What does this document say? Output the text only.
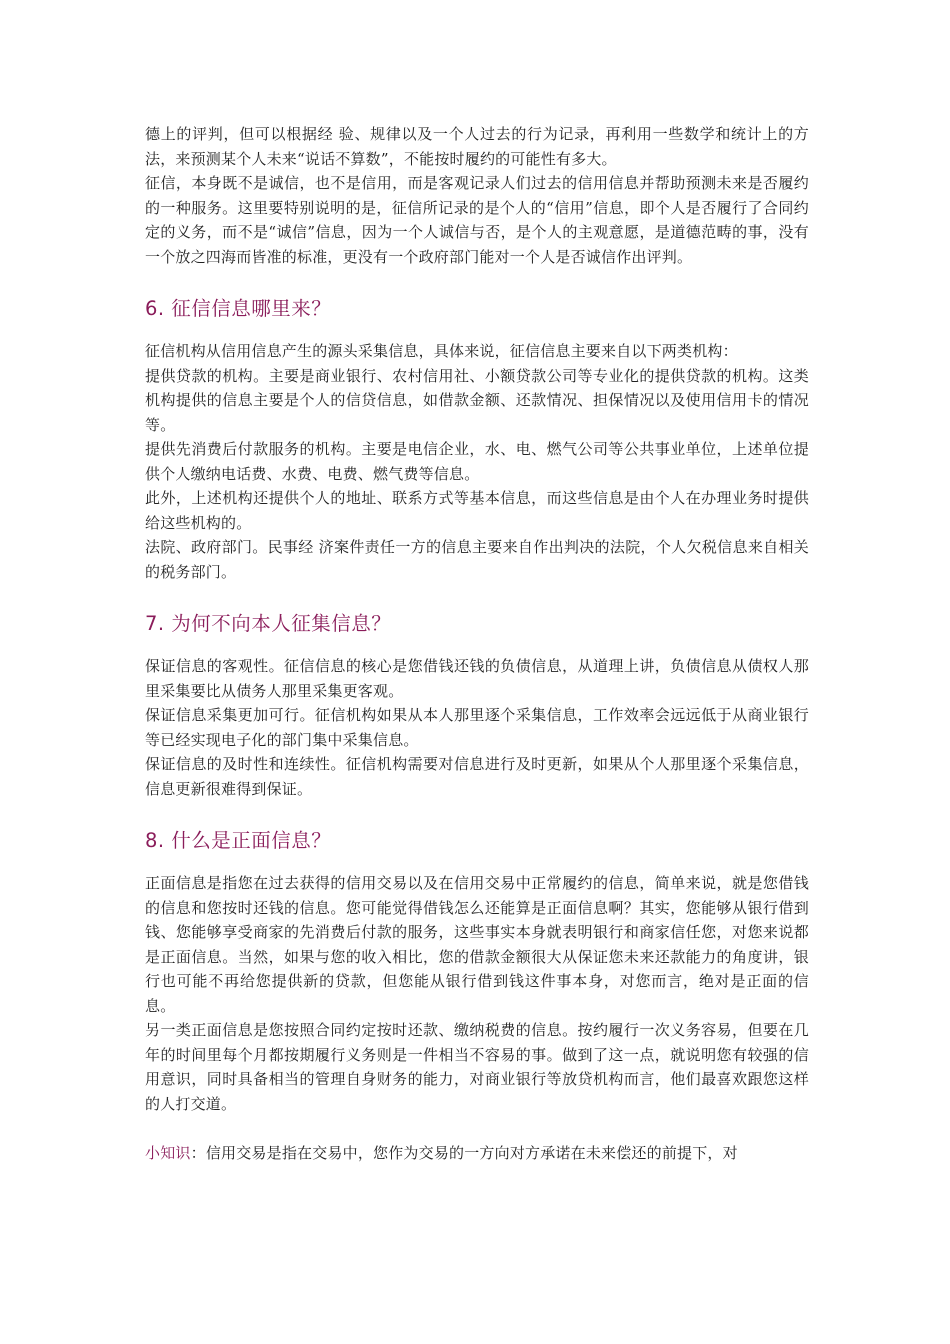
德上的评判，但可以根据经 验、规律以及一个人过去的行为记录，再利用一些数学和统计上的方法，来预测某个人未来“说话不算数”，不能按时履约的可能性有多大。

征信，本身既不是诚信，也不是信用，而是客观记录人们过去的信用信息并帮助预测未来是否履约的一种服务。这里要特别说明的是，征信所记录的是个人的“信用”信息，即个人是否履行了合同约定的义务，而不是“诚信”信息，因为一个人诚信与否，是个人的主观意愿，是道德范畴的事，没有一个放之四海而皆准的标准，更没有一个政府部门能对一个人是否诚信作出评判。

6. 征信信息哪里来？

征信机构从信用信息产生的源头采集信息，具体来说，征信信息主要来自以下两类机构：

提供贷款的机构。主要是商业银行、农村信用社、小额贷款公司等专业化的提供贷款的机构。这类机构提供的信息主要是个人的信贷信息，如借款金额、还款情况、担保情况以及使用信用卡的情况等。

提供先消费后付款服务的机构。主要是电信企业，水、电、燃气公司等公共事业单位，上述单位提供个人缴纳电话费、水费、电费、燃气费等信息。

此外，上述机构还提供个人的地址、联系方式等基本信息，而这些信息是由个人在办理业务时提供给这些机构的。

法院、政府部门。民事经 济案件责任一方的信息主要来自作出判决的法院，个人欠税信息来自相关的税务部门。

7. 为何不向本人征集信息？

保证信息的客观性。征信信息的核心是您借钱还钱的负债信息，从道理上讲，负债信息从债权人那里采集要比从债务人那里采集更客观。

保证信息采集更加可行。征信机构如果从本人那里逐个采集信息，工作效率会远远低于从商业银行等已经实现电子化的部门集中采集信息。

保证信息的及时性和连续性。征信机构需要对信息进行及时更新，如果从个人那里逐个采集信息，信息更新很难得到保证。

8. 什么是正面信息？

正面信息是指您在过去获得的信用交易以及在信用交易中正常履约的信息，简单来说，就是您借钱的信息和您按时还钱的信息。您可能觉得借钱怎么还能算是正面信息啊？其实，您能够从银行借到钱、您能够享受商家的先消费后付款的服务，这些事实本身就表明银行和商家信任您，对您来说都是正面信息。当然，如果与您的收入相比，您的借款金额很大从保证您未来还款能力的角度讲，银行也可能不再给您提供新的贷款，但您能从银行借到钱这件事本身，对您而言，绝对是正面的信息。

另一类正面信息是您按照合同约定按时还款、缴纳税费的信息。按约履行一次义务容易，但要在几年的时间里每个月都按期履行义务则是一件相当不容易的事。做到了这一点，就说明您有较强的信用意识，同时具备相当的管理自身财务的能力，对商业银行等放贷机构而言，他们最喜欢跟您这样的人打交道。

小知识：信用交易是指在交易中，您作为交易的一方向对方承诺在未来偿还的前提下，对
